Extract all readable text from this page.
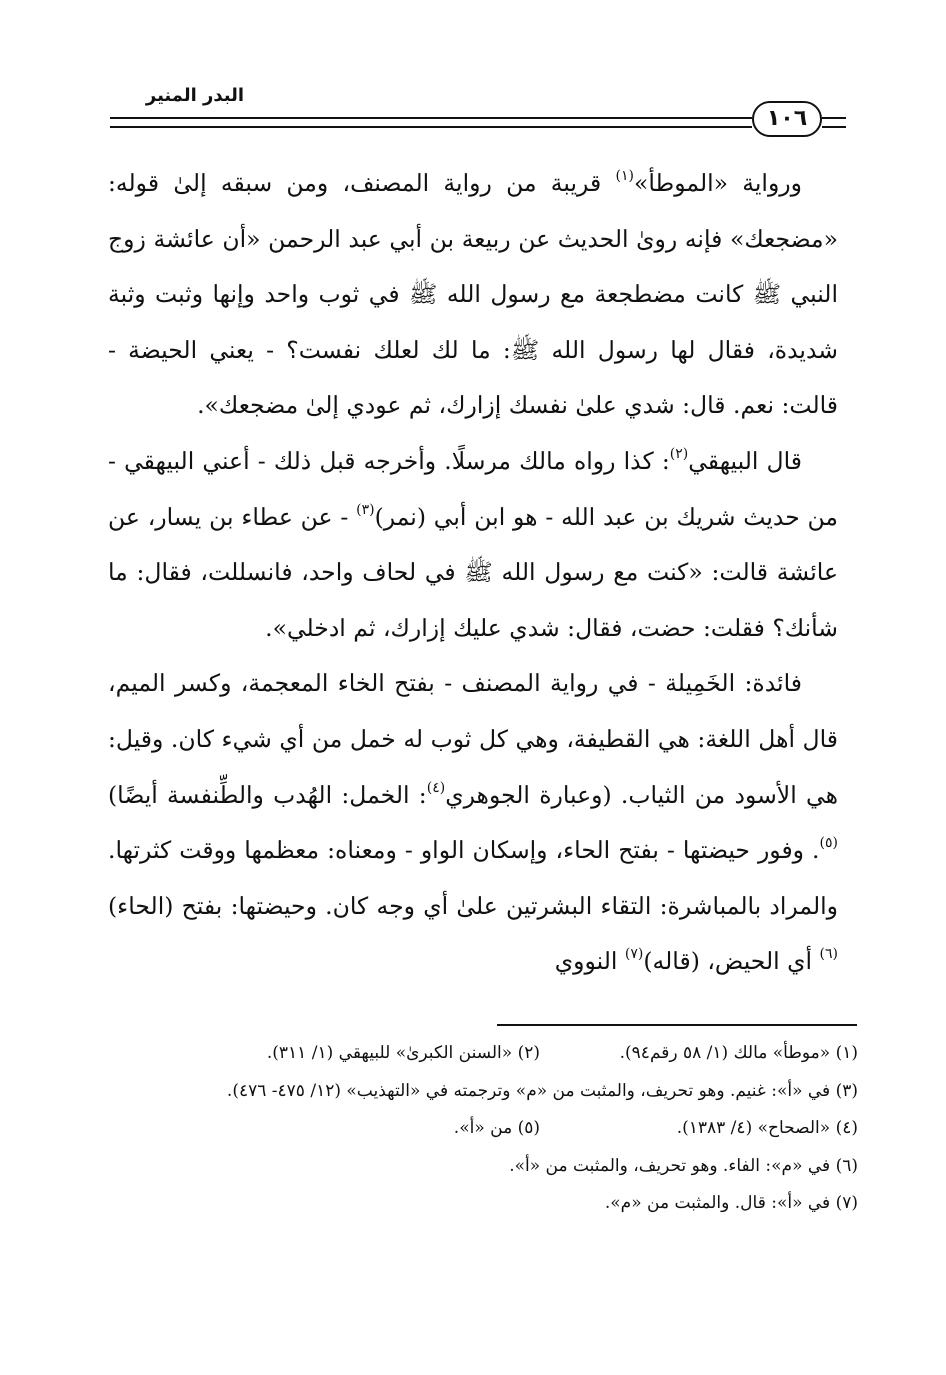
البدر المنير
١٠٦

ورواية «الموطأ»$^{(١)}$ قريبة من رواية المصنف، ومن سبقه إلىٰ قوله: «مضجعك» فإنه روىٰ الحديث عن ربيعة بن أبي عبد الرحمن «أن عائشة زوج النبي ﷺ كانت مضطجعة مع رسول الله ﷺ في ثوب واحد وإنها وثبت وثبة شديدة، فقال لها رسول الله ﷺ: ما لك لعلك نفست؟ - يعني الحيضة - قالت: نعم. قال: شدي علىٰ نفسك إزارك، ثم عودي إلىٰ مضجعك».

قال البيهقي$^{(٢)}$: كذا رواه مالك مرسلًا. وأخرجه قبل ذلك - أعني البيهقي - من حديث شريك بن عبد الله - هو ابن أبي (نمر)$^{(٣)}$ - عن عطاء بن يسار، عن عائشة قالت: «كنت مع رسول الله ﷺ في لحاف واحد، فانسللت، فقال: ما شأنك؟ فقلت: حضت، فقال: شدي عليك إزارك، ثم ادخلي».

فائدة: الخَمِيلة - في رواية المصنف - بفتح الخاء المعجمة، وكسر الميم، قال أهل اللغة: هي القطيفة، وهي كل ثوب له خمل من أي شيء كان. وقيل: هي الأسود من الثياب. (وعبارة الجوهري$^{(٤)}$: الخمل: الهُدب والطِّنفسة أيضًا)$^{(٥)}$. وفور حيضتها - بفتح الحاء، وإسكان الواو - ومعناه: معظمها ووقت كثرتها. والمراد بالمباشرة: التقاء البشرتين علىٰ أي وجه كان. وحيضتها: بفتح (الحاء)$^{(٦)}$ أي الحيض، (قاله)$^{(٧)}$ النووي

(١) «موطأ» مالك (١/ ٥٨ رقم٩٤).
(٢) «السنن الكبرىٰ» للبيهقي (١/ ٣١١).
(٣) في «أ»: غنيم. وهو تحريف، والمثبت من «م» وترجمته في «التهذيب» (١٢/ ٤٧٥- ٤٧٦).
(٤) «الصحاح» (٤/ ١٣٨٣).
(٥) من «أ».
(٦) في «م»: الفاء. وهو تحريف، والمثبت من «أ».
(٧) في «أ»: قال. والمثبت من «م».
